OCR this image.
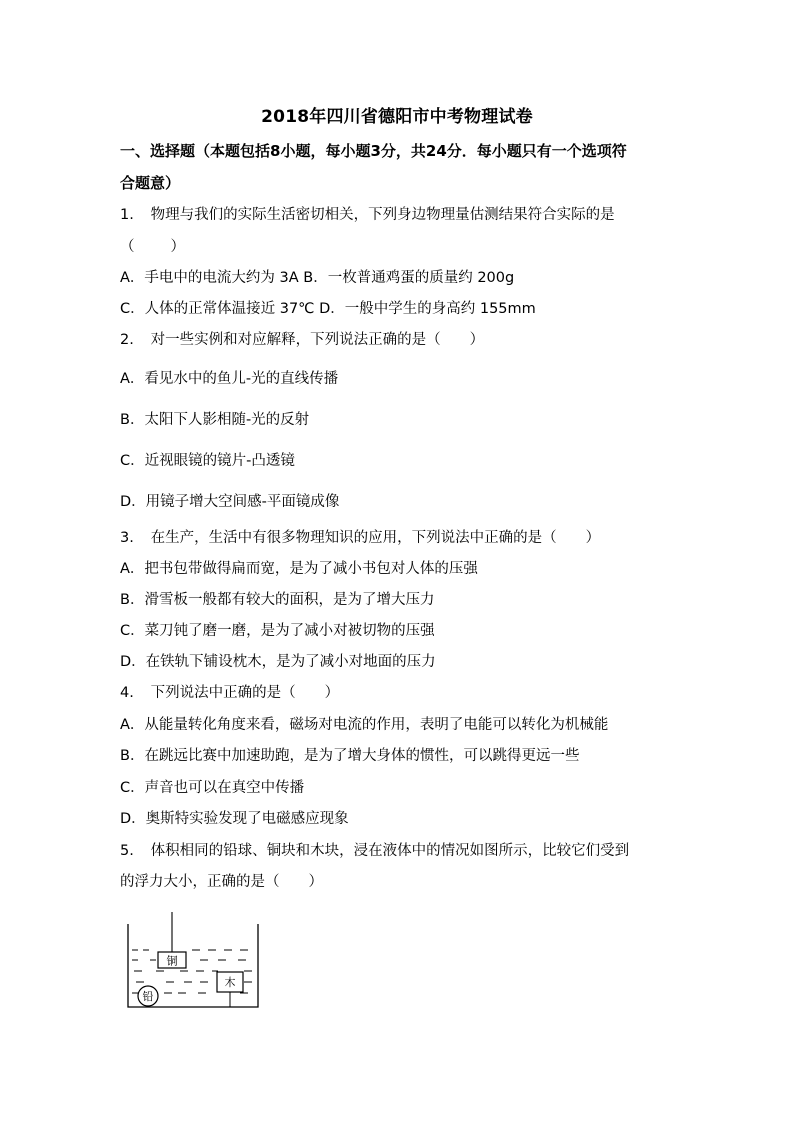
2018年四川省德阳市中考物理试卷
一、选择题（本题包括8小题，每小题3分，共24分．每小题只有一个选项符
合题意）
1. 物理与我们的实际生活密切相关，下列身边物理量估测结果符合实际的是
（ ）
A．手电中的电流大约为 3A B．一枚普通鸡蛋的质量约 200g
C．人体的正常体温接近 37℃ D．一般中学生的身高约 155mm
2. 对一些实例和对应解释，下列说法正确的是（　　）
A．看见水中的鱼儿-光的直线传播
B．太阳下人影相随-光的反射
C．近视眼镜的镜片-凸透镜
D．用镜子增大空间感-平面镜成像
3. 在生产，生活中有很多物理知识的应用，下列说法中正确的是（　　）
A．把书包带做得扁而宽，是为了减小书包对人体的压强
B．滑雪板一般都有较大的面积，是为了增大压力
C．菜刀钝了磨一磨，是为了减小对被切物的压强
D．在铁轨下铺设枕木，是为了减小对地面的压力
4. 下列说法中正确的是（　　）
A．从能量转化角度来看，磁场对电流的作用，表明了电能可以转化为机械能
B．在跳远比赛中加速助跑，是为了增大身体的惯性，可以跳得更远一些
C．声音也可以在真空中传播
D．奥斯特实验发现了电磁感应现象
5. 体积相同的铅球、铜块和木块，浸在液体中的情况如图所示，比较它们受到
的浮力大小，正确的是（　　）
铜
木
铅
